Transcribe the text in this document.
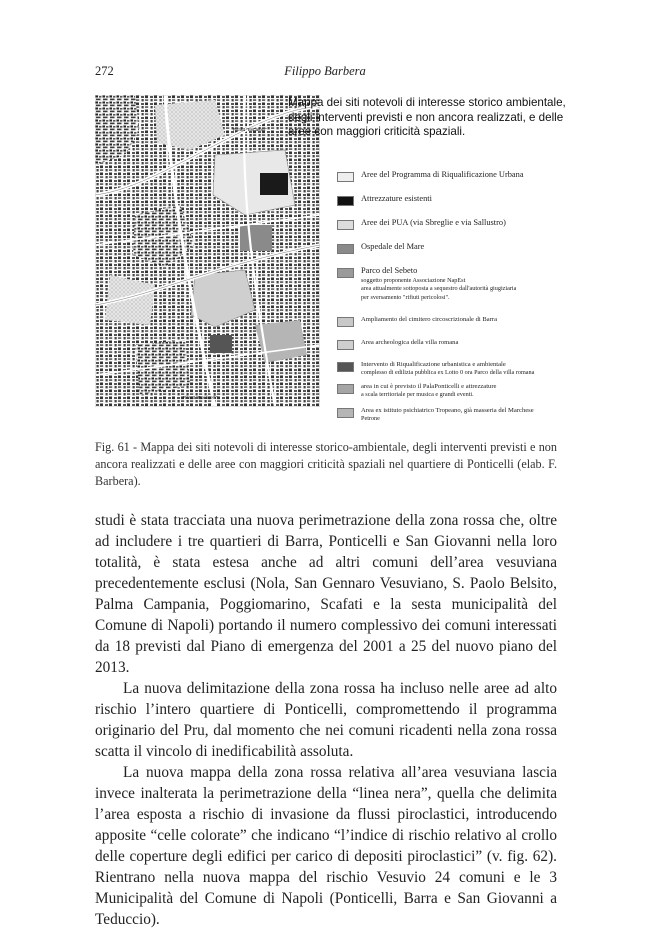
272	Filippo Barbera
Ritratt "Bricatoni"
Ritratt "Ponticelli"
Mappa dei siti notevoli di interesse storico ambientale, degli interventi previsti e non ancora realizzati, e delle aree con maggiori criticità spaziali.
Aree del Programma di Riqualificazione Urbana
Attrezzature esistenti
Aree dei PUA (via Sbreglie e via Sallustro)
Ospedale del Mare
Parco del Sebeto
soggetto proponente Associazione NapEst
area attualmente sottoposta a sequestro dall'autorità giugiziaria
per sversamento "rifiuti pericolosi".
Ampliamento del cimitero circoscrizionale di Barra
Area archeologica della villa romana
Intervento di Riqualificazione urbanistica e ambientale
complesso di edilizia pubblica ex Lotto 0 ora Parco della villa romana
area in cui è previsto il PalaPonticelli e attrezzature
a scala territoriale per musica e grandi eventi.
Area ex istituto psichiatrico Tropeano, già masseria del Marchese
Petrone
Fig. 61 - Mappa dei siti notevoli di interesse storico-ambientale, degli interventi previsti e non ancora realizzati e delle aree con maggiori criticità spaziali nel quartiere di Ponticelli (elab. F. Barbera).

studi è stata tracciata una nuova perimetrazione della zona rossa che, oltre ad includere i tre quartieri di Barra, Ponticelli e San Giovanni nella loro totalità, è stata estesa anche ad altri comuni dell’area vesuviana precedentemente esclusi (Nola, San Gennaro Vesuviano, S. Paolo Belsito, Palma Campania, Poggiomarino, Scafati e la sesta municipalità del Comune di Napoli) portando il numero complessivo dei comuni interessati da 18 previsti dal Piano di emergenza del 2001 a 25 del nuovo piano del 2013.

La nuova delimitazione della zona rossa ha incluso nelle aree ad alto rischio l’intero quartiere di Ponticelli, compromettendo il programma originario del Pru, dal momento che nei comuni ricadenti nella zona rossa scatta il vincolo di inedificabilità assoluta.

La nuova mappa della zona rossa relativa all’area vesuviana lascia invece inalterata la perimetrazione della “linea nera”, quella che delimita l’area esposta a rischio di invasione da flussi piroclastici, introducendo apposite “celle colorate” che indicano “l’indice di rischio relativo al crollo delle coperture degli edifici per carico di depositi piroclastici” (v. fig. 62). Rientrano nella nuova mappa del rischio Vesuvio 24 comuni e le 3 Municipalità del Comune di Napoli (Ponticelli, Barra e San Giovanni a Teduccio).
